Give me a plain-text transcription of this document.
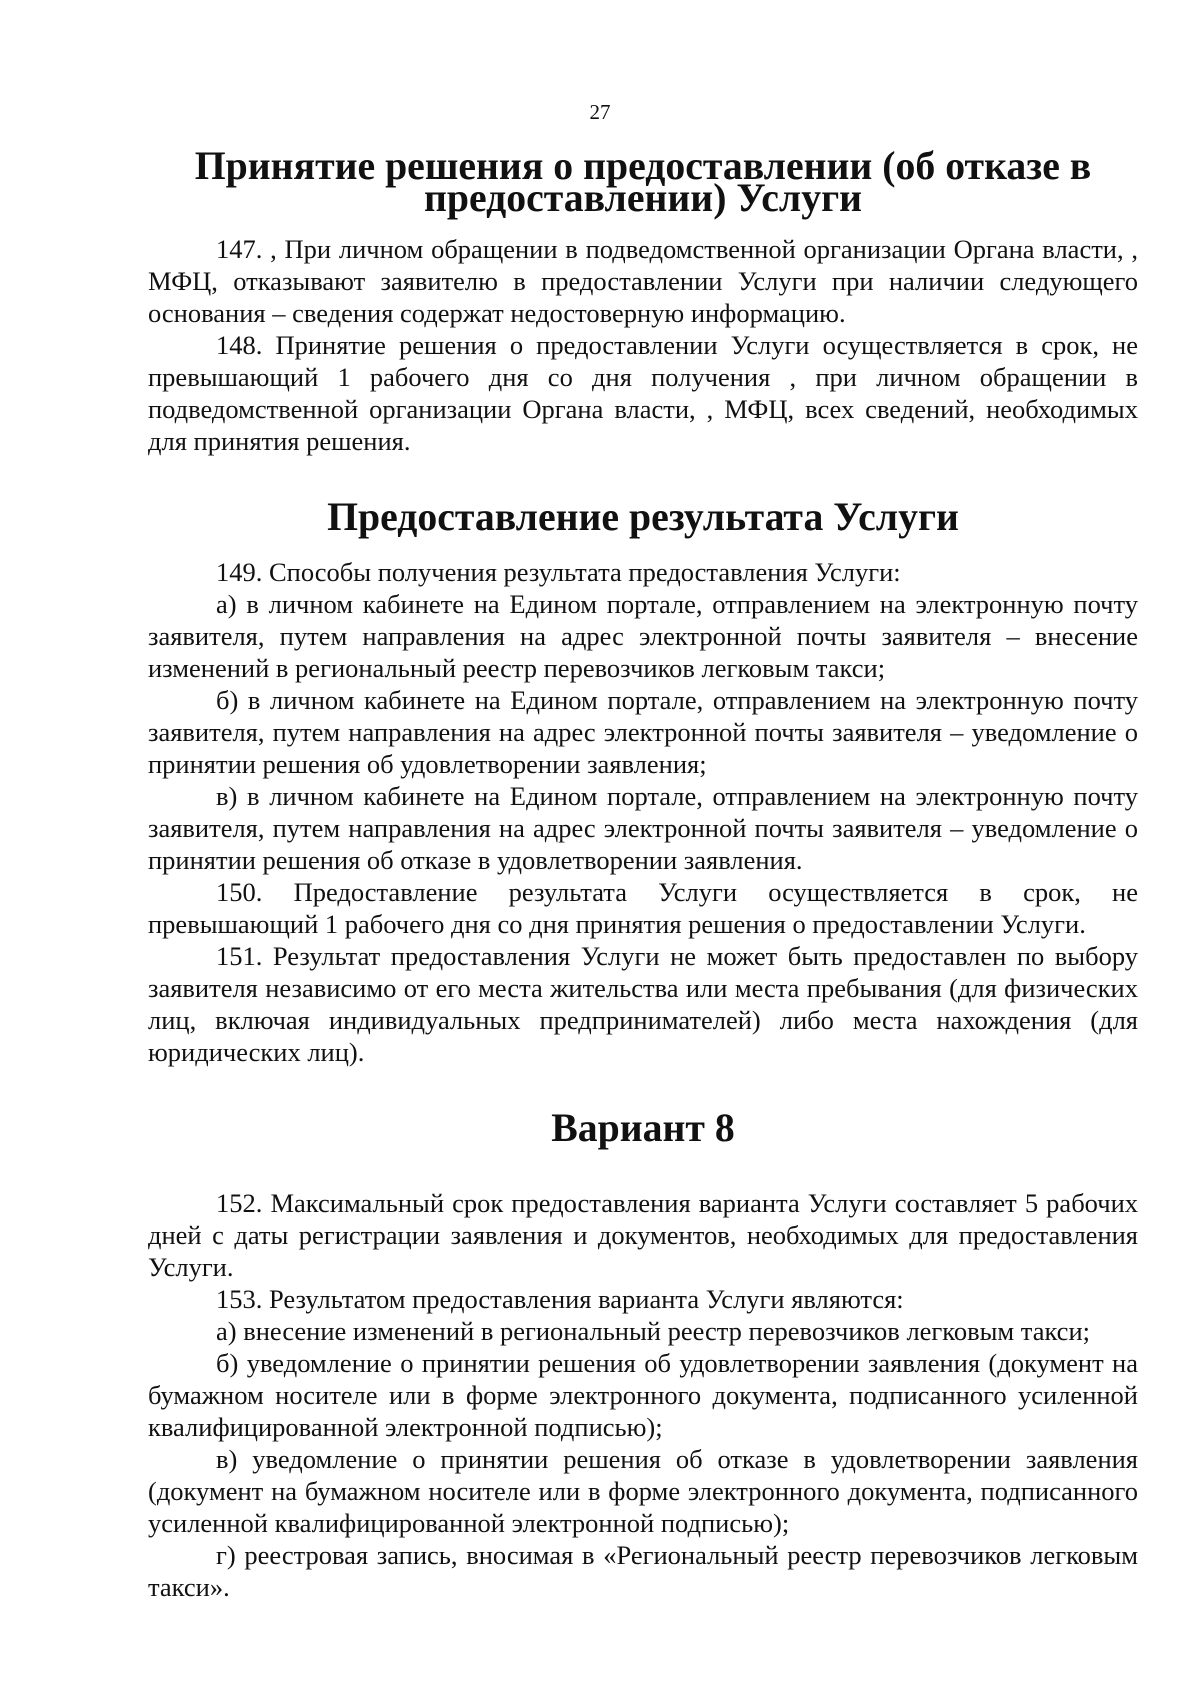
27
Принятие решения о предоставлении (об отказе в предоставлении) Услуги

147. , При личном обращении в подведомственной организации Органа власти, , МФЦ, отказывают заявителю в предоставлении Услуги при наличии следующего основания – сведения содержат недостоверную информацию.

148. Принятие решения о предоставлении Услуги осуществляется в срок, не превышающий 1 рабочего дня со дня получения , при личном обращении в подведомственной организации Органа власти, , МФЦ, всех сведений, необходимых для принятия решения.

Предоставление результата Услуги

149. Способы получения результата предоставления Услуги:

а) в личном кабинете на Едином портале, отправлением на электронную почту заявителя, путем направления на адрес электронной почты заявителя – внесение изменений в региональный реестр перевозчиков легковым такси;

б) в личном кабинете на Едином портале, отправлением на электронную почту заявителя, путем направления на адрес электронной почты заявителя – уведомление о принятии решения об удовлетворении заявления;

в) в личном кабинете на Едином портале, отправлением на электронную почту заявителя, путем направления на адрес электронной почты заявителя – уведомление о принятии решения об отказе в удовлетворении заявления.

150. Предоставление результата Услуги осуществляется в срок, не превышающий 1 рабочего дня со дня принятия решения о предоставлении Услуги.

151. Результат предоставления Услуги не может быть предоставлен по выбору заявителя независимо от его места жительства или места пребывания (для физических лиц, включая индивидуальных предпринимателей) либо места нахождения (для юридических лиц).

Вариант 8

152. Максимальный срок предоставления варианта Услуги составляет 5 рабочих дней с даты регистрации заявления и документов, необходимых для предоставления Услуги.

153. Результатом предоставления варианта Услуги являются:

а) внесение изменений в региональный реестр перевозчиков легковым такси;

б) уведомление о принятии решения об удовлетворении заявления (документ на бумажном носителе или в форме электронного документа, подписанного усиленной квалифицированной электронной подписью);

в) уведомление о принятии решения об отказе в удовлетворении заявления (документ на бумажном носителе или в форме электронного документа, подписанного усиленной квалифицированной электронной подписью);

г) реестровая запись, вносимая в «Региональный реестр перевозчиков легковым такси».
